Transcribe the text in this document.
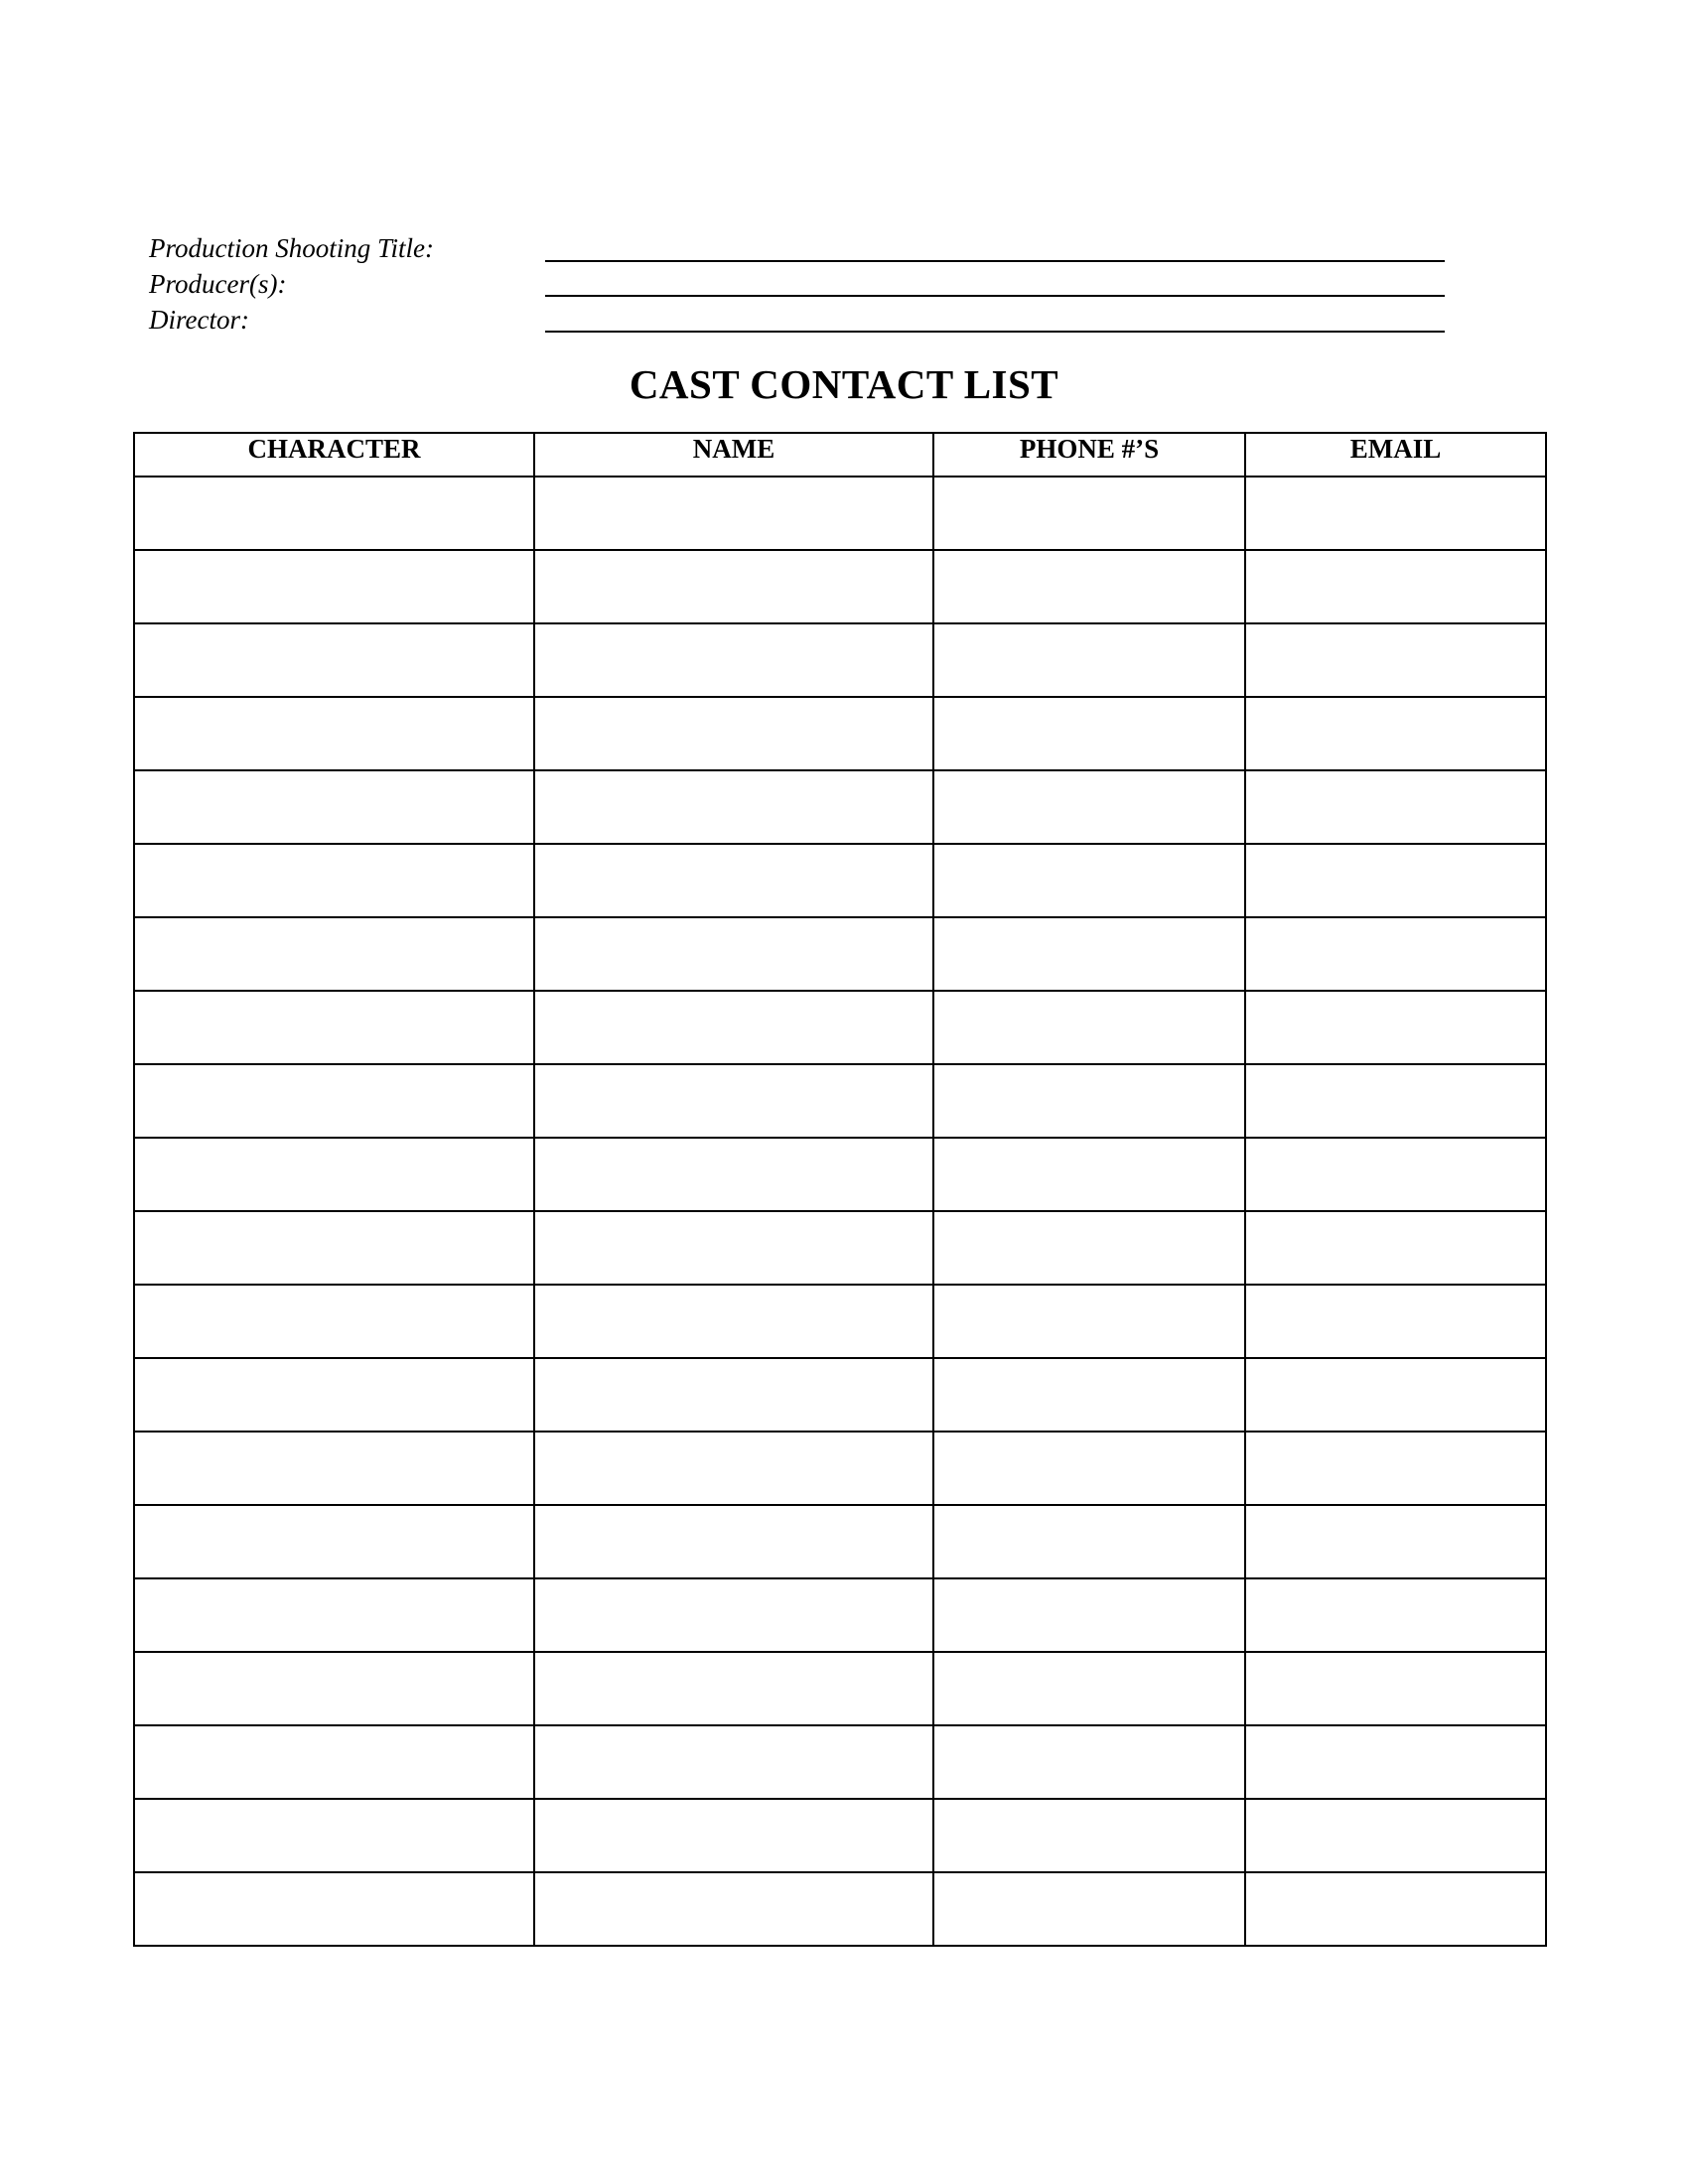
Production Shooting Title:
Producer(s):
Director:
CAST CONTACT LIST
CHARACTER	NAME	PHONE #’S	EMAIL
